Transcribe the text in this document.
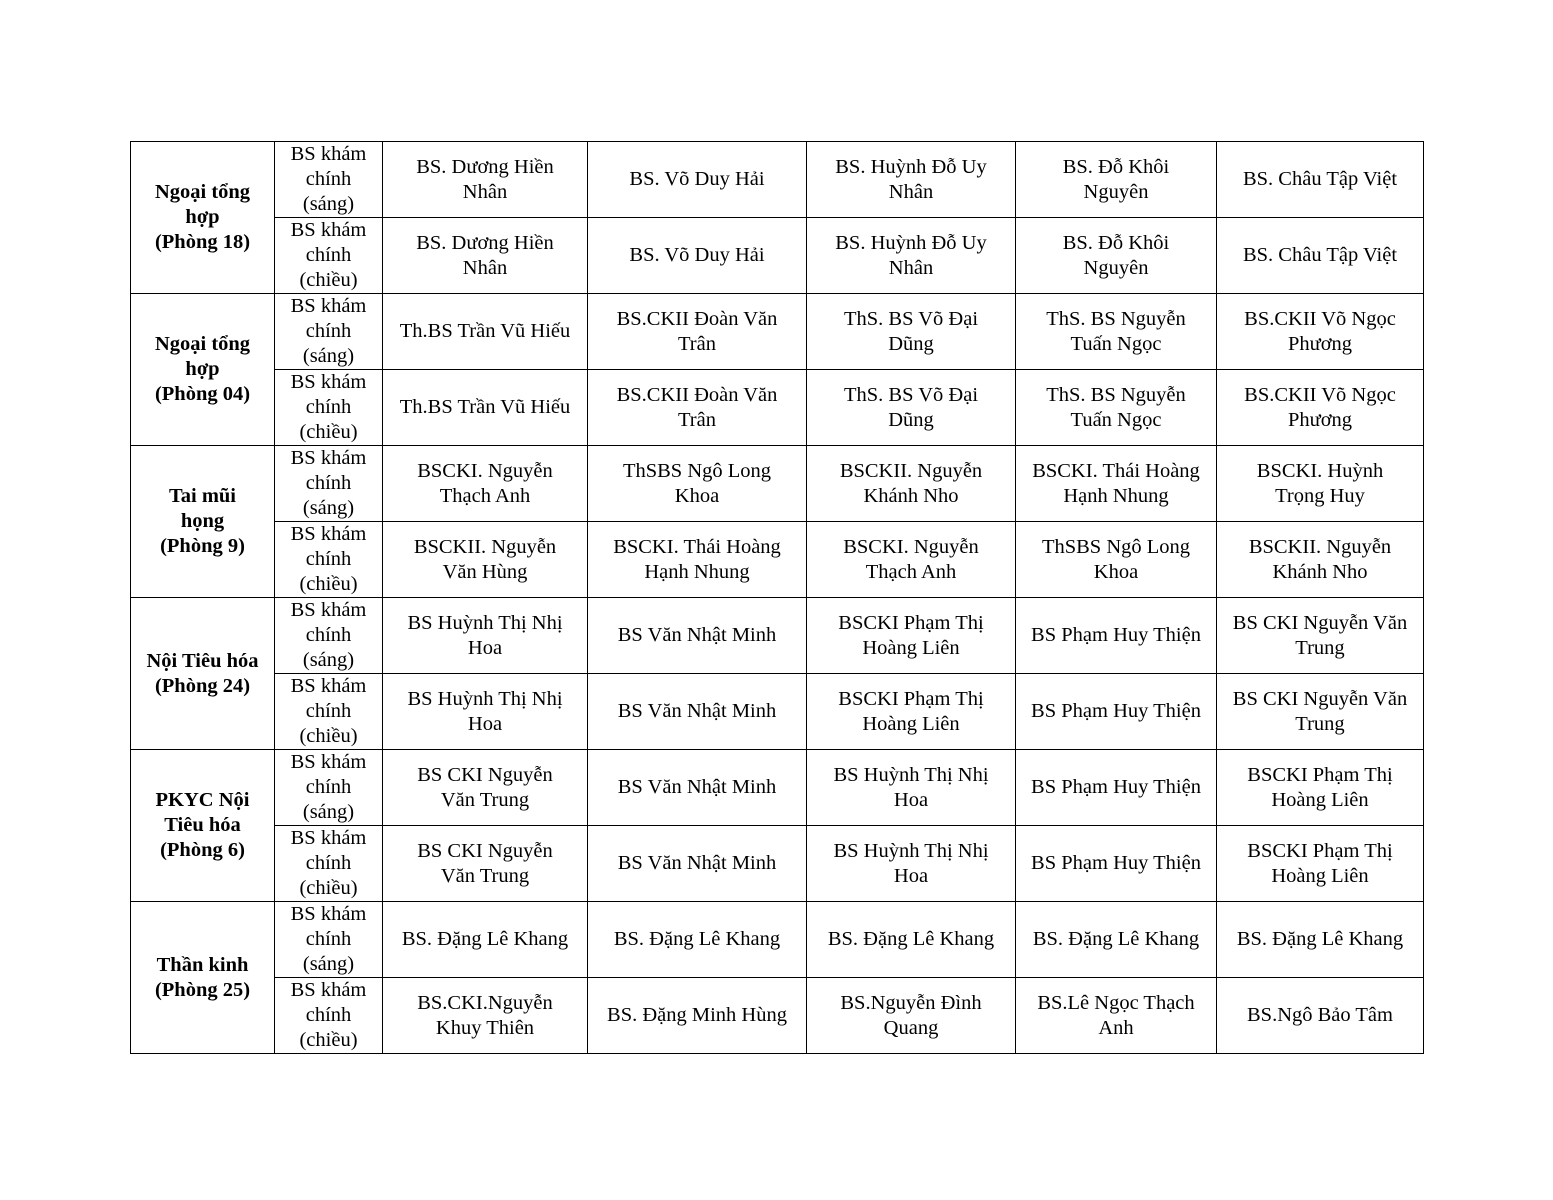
Ngoại tổng
hợp
(Phòng 18)	BS khám
chính
(sáng)	BS. Dương Hiền
Nhân	BS. Võ Duy Hải	BS. Huỳnh Đỗ Uy
Nhân	BS. Đỗ Khôi
Nguyên	BS. Châu Tập Việt

	BS khám
chính
(chiều)	BS. Dương Hiền
Nhân	BS. Võ Duy Hải	BS. Huỳnh Đỗ Uy
Nhân	BS. Đỗ Khôi
Nguyên	BS. Châu Tập Việt

Ngoại tổng
hợp
(Phòng 04)	BS khám
chính
(sáng)	Th.BS Trần Vũ Hiếu	BS.CKII Đoàn Văn
Trân	ThS. BS Võ Đại
Dũng	ThS. BS Nguyễn
Tuấn Ngọc	BS.CKII Võ Ngọc
Phương

	BS khám
chính
(chiều)	Th.BS Trần Vũ Hiếu	BS.CKII Đoàn Văn
Trân	ThS. BS Võ Đại
Dũng	ThS. BS Nguyễn
Tuấn Ngọc	BS.CKII Võ Ngọc
Phương

Tai mũi
họng
(Phòng 9)	BS khám
chính
(sáng)	BSCKI. Nguyễn
Thạch Anh	ThSBS Ngô Long
Khoa	BSCKII. Nguyễn
Khánh Nho	BSCKI. Thái Hoàng
Hạnh Nhung	BSCKI. Huỳnh
Trọng Huy

	BS khám
chính
(chiều)	BSCKII. Nguyễn
Văn Hùng	BSCKI. Thái Hoàng
Hạnh Nhung	BSCKI. Nguyễn
Thạch Anh	ThSBS Ngô Long
Khoa	BSCKII. Nguyễn
Khánh Nho

Nội Tiêu hóa
(Phòng 24)	BS khám
chính
(sáng)	BS Huỳnh Thị Nhị
Hoa	BS Văn Nhật Minh	BSCKI Phạm Thị
Hoàng Liên	BS Phạm Huy Thiện	BS CKI Nguyễn Văn
Trung

	BS khám
chính
(chiều)	BS Huỳnh Thị Nhị
Hoa	BS Văn Nhật Minh	BSCKI Phạm Thị
Hoàng Liên	BS Phạm Huy Thiện	BS CKI Nguyễn Văn
Trung

PKYC Nội
Tiêu hóa
(Phòng 6)	BS khám
chính
(sáng)	BS CKI Nguyễn
Văn Trung	BS Văn Nhật Minh	BS Huỳnh Thị Nhị
Hoa	BS Phạm Huy Thiện	BSCKI Phạm Thị
Hoàng Liên

	BS khám
chính
(chiều)	BS CKI Nguyễn
Văn Trung	BS Văn Nhật Minh	BS Huỳnh Thị Nhị
Hoa	BS Phạm Huy Thiện	BSCKI Phạm Thị
Hoàng Liên

Thần kinh
(Phòng 25)	BS khám
chính
(sáng)	BS. Đặng Lê Khang	BS. Đặng Lê Khang	BS. Đặng Lê Khang	BS. Đặng Lê Khang	BS. Đặng Lê Khang

	BS khám
chính
(chiều)	BS.CKI.Nguyễn
Khuy Thiên	BS. Đặng Minh Hùng	BS.Nguyễn Đình
Quang	BS.Lê Ngọc Thạch
Anh	BS.Ngô Bảo Tâm
